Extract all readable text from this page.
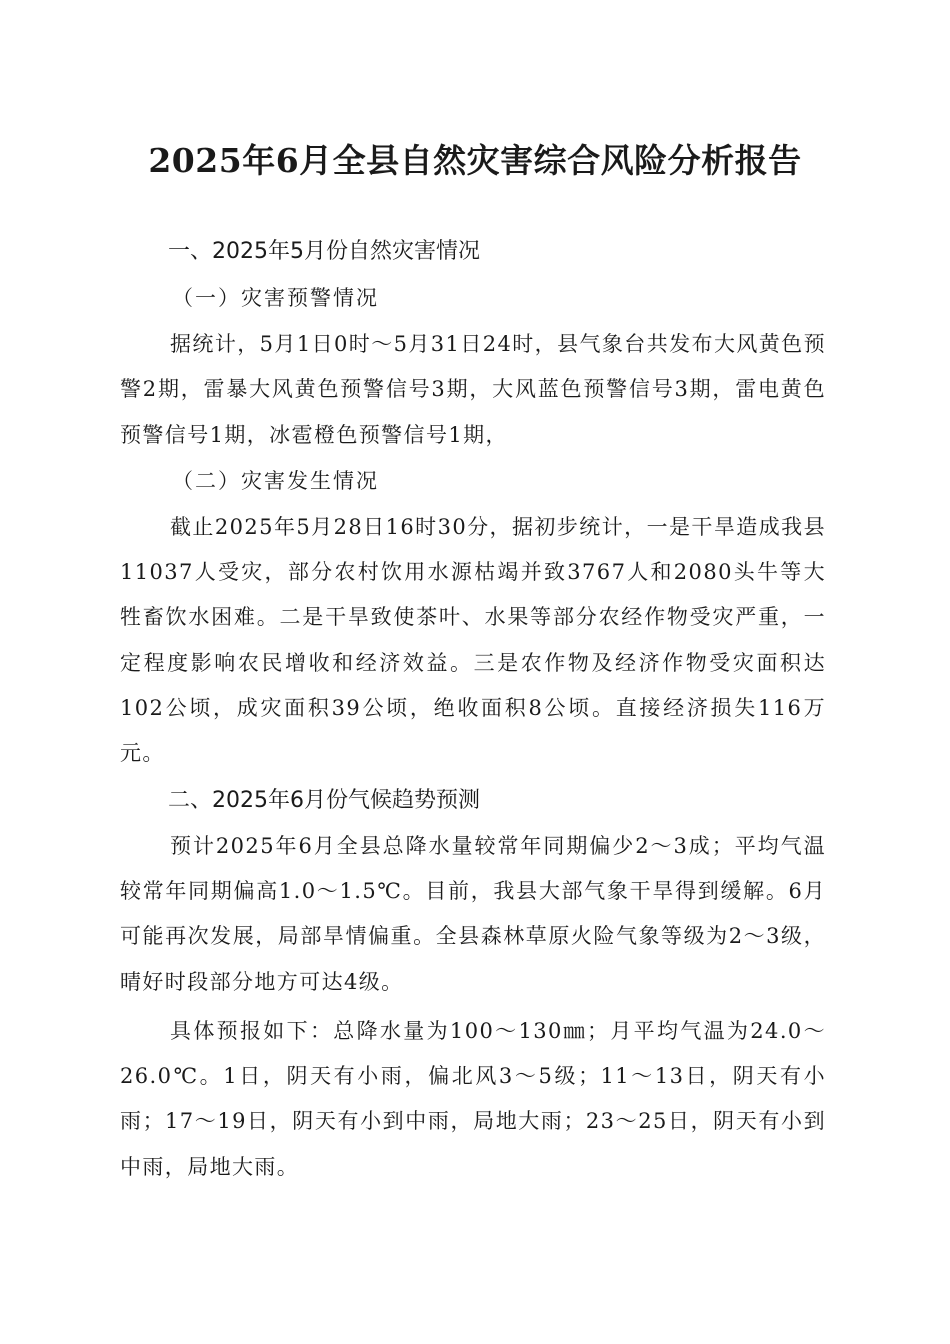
2025年6月全县自然灾害综合风险分析报告
一、2025年5月份自然灾害情况
（一）灾害预警情况

据统计，5月1日0时～5月31日24时，县气象台共发布大风黄色预警2期，雷暴大风黄色预警信号3期，大风蓝色预警信号3期，雷电黄色预警信号1期，冰雹橙色预警信号1期，

（二）灾害发生情况

截止2025年5月28日16时30分，据初步统计，一是干旱造成我县11037人受灾，部分农村饮用水源枯竭并致3767人和2080头牛等大牲畜饮水困难。二是干旱致使茶叶、水果等部分农经作物受灾严重，一定程度影响农民增收和经济效益。三是农作物及经济作物受灾面积达102公顷，成灾面积39公顷，绝收面积8公顷。直接经济损失116万元。

二、2025年6月份气候趋势预测

预计2025年6月全县总降水量较常年同期偏少2～3成；平均气温较常年同期偏高1.0～1.5℃。目前，我县大部气象干旱得到缓解。6月可能再次发展，局部旱情偏重。全县森林草原火险气象等级为2～3级，晴好时段部分地方可达4级。

具体预报如下：总降水量为100～130㎜；月平均气温为24.0～26.0℃。1日，阴天有小雨，偏北风3～5级；11～13日，阴天有小雨；17～19日，阴天有小到中雨，局地大雨；23～25日，阴天有小到中雨，局地大雨。
